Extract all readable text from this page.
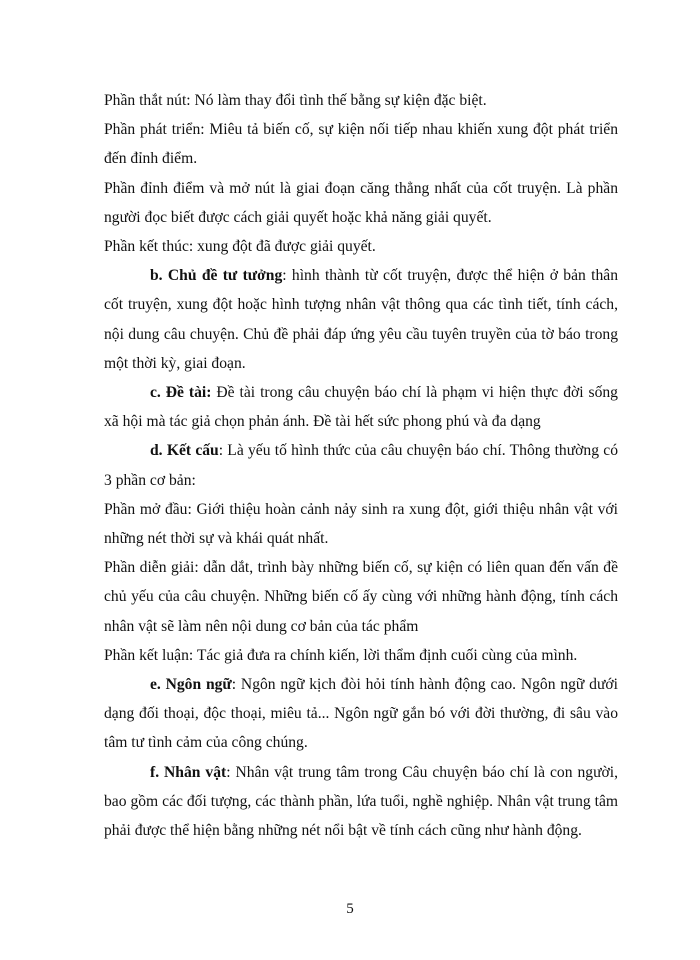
Phần thắt nút: Nó làm thay đổi tình thế bằng sự kiện đặc biệt.

Phần phát triển: Miêu tả biến cố, sự kiện nối tiếp nhau khiến xung đột phát triển đến đỉnh điểm.

Phần đỉnh điểm và mở nút là giai đoạn căng thẳng nhất của cốt truyện. Là phần người đọc biết được cách giải quyết hoặc khả năng giải quyết.

Phần kết thúc: xung đột đã được giải quyết.

b. Chủ đề tư tưởng: hình thành từ cốt truyện, được thể hiện ở bản thân cốt truyện, xung đột hoặc hình tượng nhân vật thông qua các tình tiết, tính cách, nội dung câu chuyện. Chủ đề phải đáp ứng yêu cầu tuyên truyền của tờ báo trong một thời kỳ, giai đoạn.

c. Đề tài: Đề tài trong câu chuyện báo chí là phạm vi hiện thực đời sống xã hội mà tác giả chọn phản ánh. Đề tài hết sức phong phú và đa dạng

d. Kết cấu: Là yếu tố hình thức của câu chuyện báo chí. Thông thường có 3 phần cơ bản:

Phần mở đầu: Giới thiệu hoàn cảnh nảy sinh ra xung đột, giới thiệu nhân vật với những nét thời sự và khái quát nhất.

Phần diễn giải: dẫn dắt, trình bày những biến cố, sự kiện có liên quan đến vấn đề chủ yếu của câu chuyện. Những biến cố ấy cùng với những hành động, tính cách nhân vật sẽ làm nên nội dung cơ bản của tác phẩm

Phần kết luận: Tác giả đưa ra chính kiến, lời thẩm định cuối cùng của mình.

e. Ngôn ngữ: Ngôn ngữ kịch đòi hỏi tính hành động cao. Ngôn ngữ dưới dạng đối thoại, độc thoại, miêu tả... Ngôn ngữ gắn bó với đời thường, đi sâu vào tâm tư tình cảm của công chúng.

f. Nhân vật: Nhân vật trung tâm trong Câu chuyện báo chí là con người, bao gồm các đối tượng, các thành phần, lứa tuổi, nghề nghiệp. Nhân vật trung tâm phải được thể hiện bằng những nét nổi bật về tính cách cũng như hành động.

5
